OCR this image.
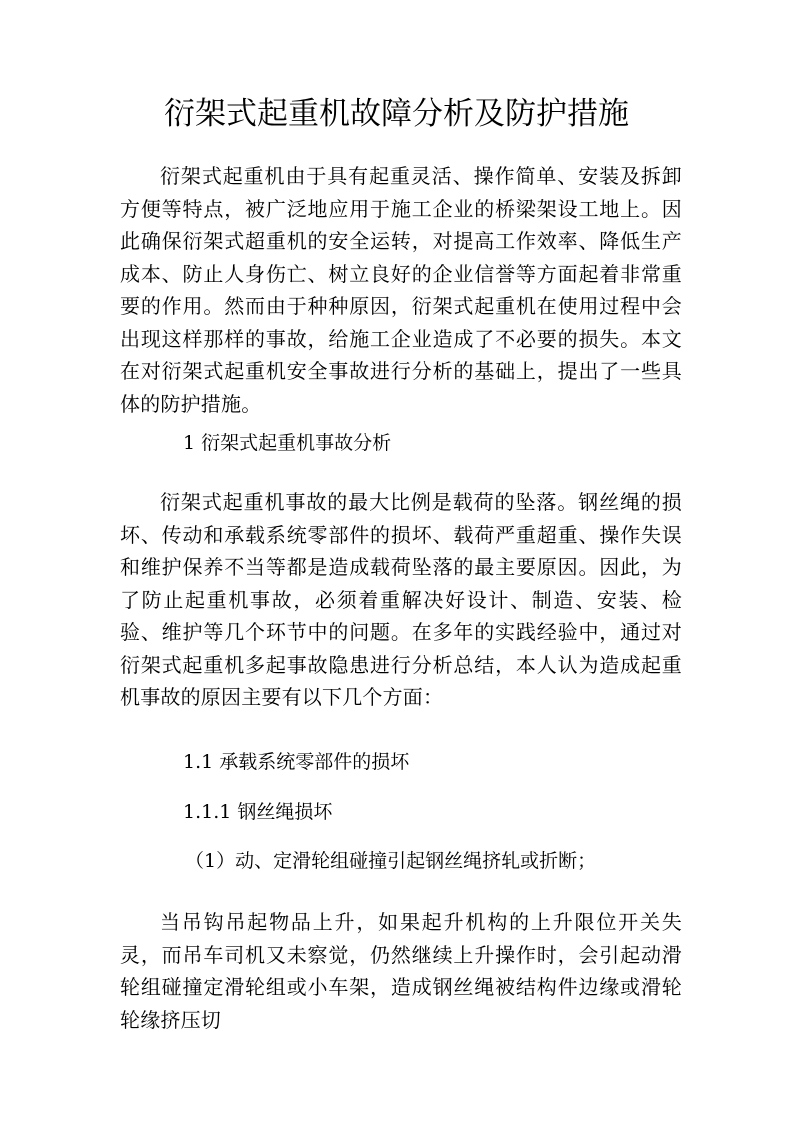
衍架式起重机故障分析及防护措施

衍架式起重机由于具有起重灵活、操作简单、安装及拆卸方便等特点，被广泛地应用于施工企业的桥梁架设工地上。因此确保衍架式超重机的安全运转，对提高工作效率、降低生产成本、防止人身伤亡、树立良好的企业信誉等方面起着非常重要的作用。然而由于种种原因，衍架式起重机在使用过程中会出现这样那样的事故，给施工企业造成了不必要的损失。本文在对衍架式起重机安全事故进行分析的基础上，提出了一些具体的防护措施。

1 衍架式起重机事故分析

衍架式起重机事故的最大比例是载荷的坠落。钢丝绳的损坏、传动和承载系统零部件的损坏、载荷严重超重、操作失误和维护保养不当等都是造成载荷坠落的最主要原因。因此，为了防止起重机事故，必须着重解决好设计、制造、安装、检验、维护等几个环节中的问题。在多年的实践经验中，通过对衍架式起重机多起事故隐患进行分析总结，本人认为造成起重机事故的原因主要有以下几个方面：

1.1 承载系统零部件的损坏
1.1.1 钢丝绳损坏
（1）动、定滑轮组碰撞引起钢丝绳挤轧或折断；

当吊钩吊起物品上升，如果起升机构的上升限位开关失灵，而吊车司机又未察觉，仍然继续上升操作时，会引起动滑轮组碰撞定滑轮组或小车架，造成钢丝绳被结构件边缘或滑轮轮缘挤压切
